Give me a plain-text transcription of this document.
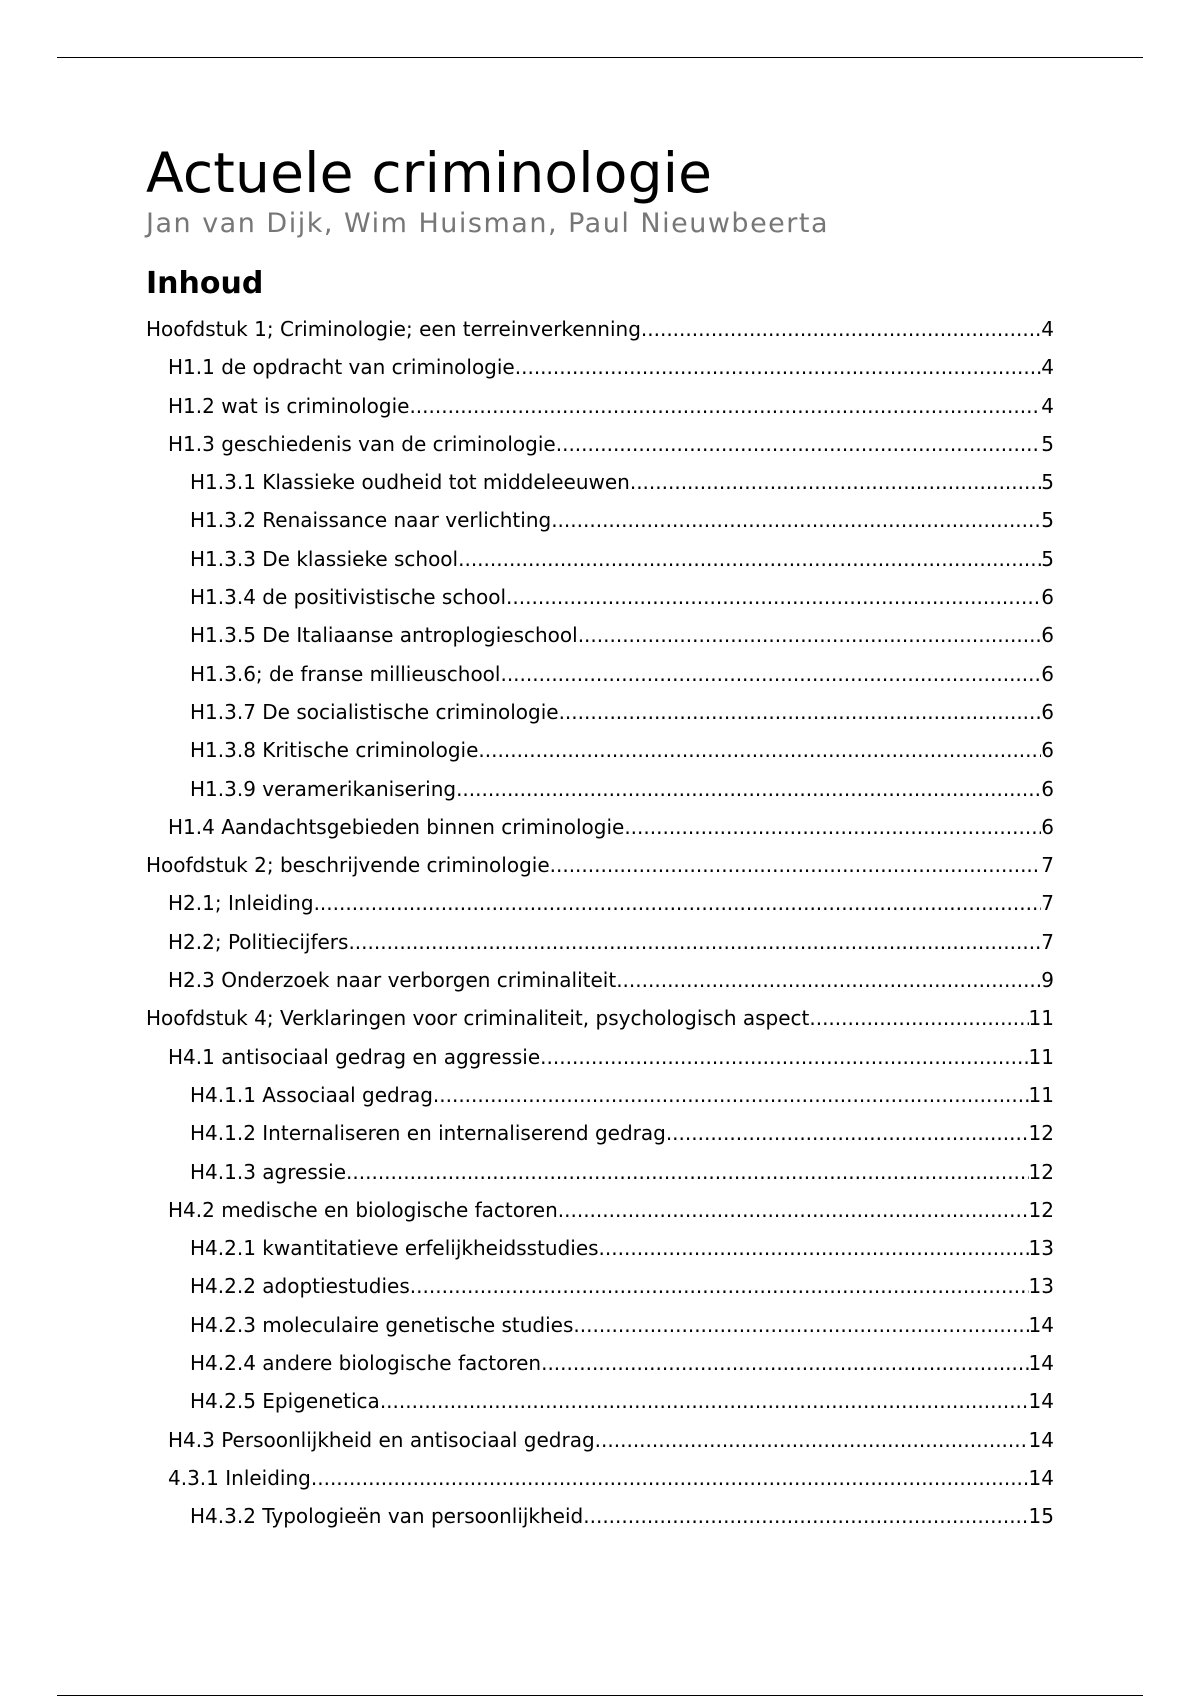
Actuele criminologie

Jan van Dijk, Wim Huisman, Paul Nieuwbeerta

Inhoud
Hoofdstuk 1; Criminologie; een terreinverkenning .....	4
H1.1 de opdracht van criminologie .....	4
H1.2 wat is criminologie .....	4
H1.3 geschiedenis van de criminologie .....	5
H1.3.1 Klassieke oudheid tot middeleeuwen .....	5
H1.3.2 Renaissance naar verlichting .....	5
H1.3.3 De klassieke school .....	5
H1.3.4 de positivistische school .....	6
H1.3.5 De Italiaanse antroplogieschool .....	6
H1.3.6; de franse millieuschool .....	6
H1.3.7 De socialistische criminologie .....	6
H1.3.8 Kritische criminologie .....	6
H1.3.9 veramerikanisering .....	6
H1.4 Aandachtsgebieden binnen criminologie .....	6
Hoofdstuk 2; beschrijvende criminologie .....	7
H2.1; Inleiding .....	7
H2.2; Politiecijfers .....	7
H2.3 Onderzoek naar verborgen criminaliteit .....	9
Hoofdstuk 4; Verklaringen voor criminaliteit, psychologisch aspect .....	11
H4.1 antisociaal gedrag en aggressie .....	11
H4.1.1 Associaal gedrag .....	11
H4.1.2 Internaliseren en internaliserend gedrag .....	12
H4.1.3 agressie .....	12
H4.2 medische en biologische factoren .....	12
H4.2.1 kwantitatieve erfelijkheidsstudies .....	13
H4.2.2 adoptiestudies .....	13
H4.2.3 moleculaire genetische studies .....	14
H4.2.4 andere biologische factoren .....	14
H4.2.5 Epigenetica .....	14
H4.3 Persoonlijkheid en antisociaal gedrag .....	14
4.3.1 Inleiding .....	14
H4.3.2 Typologieën van persoonlijkheid .....	15
